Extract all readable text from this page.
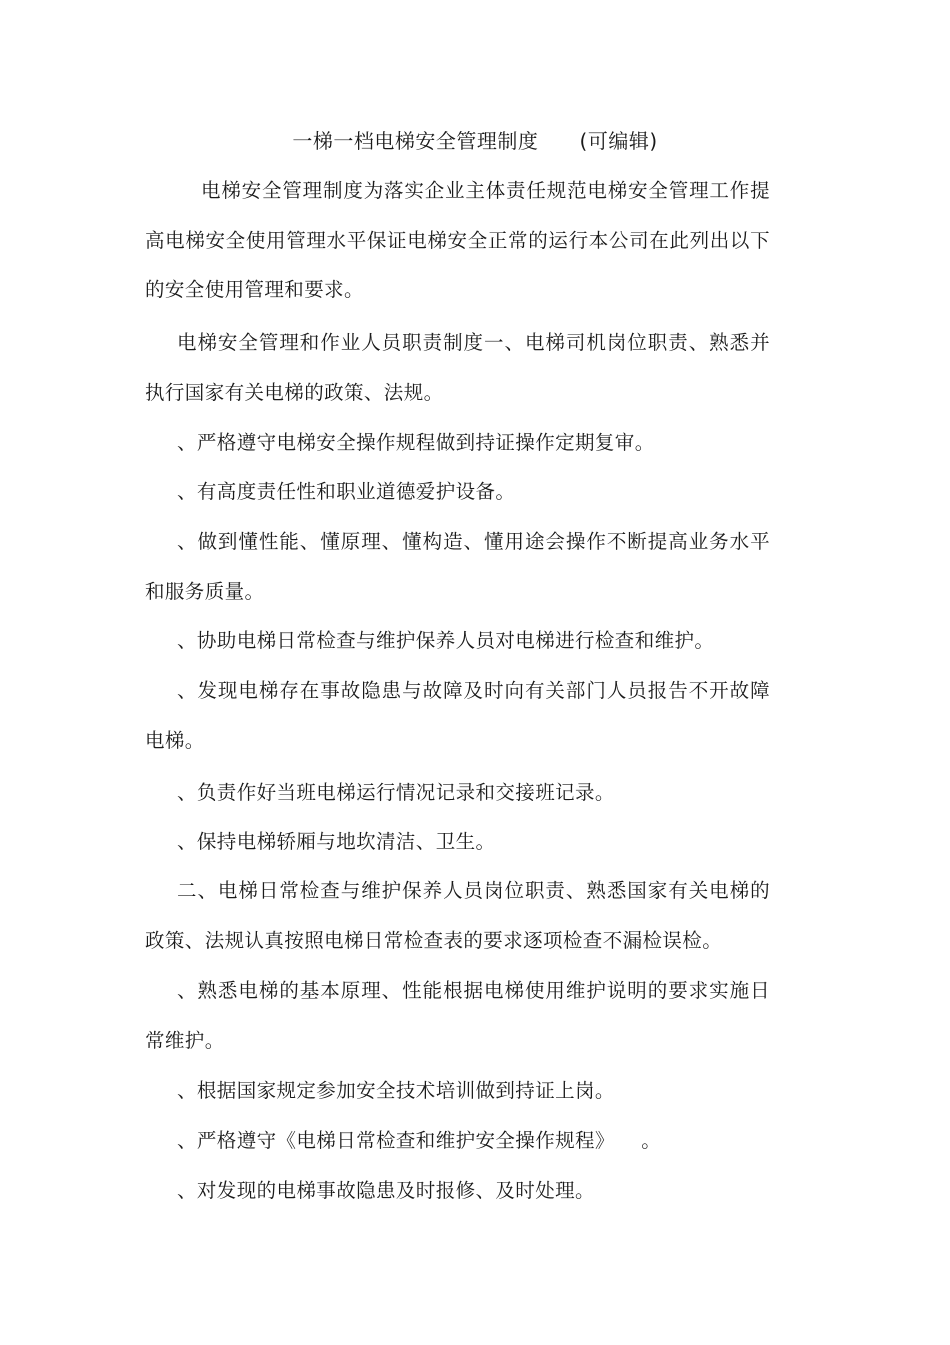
一梯一档电梯安全管理制度      (可编辑)

电梯安全管理制度为落实企业主体责任规范电梯安全管理工作提高电梯安全使用管理水平保证电梯安全正常的运行本公司在此列出以下的安全使用管理和要求。

电梯安全管理和作业人员职责制度一、电梯司机岗位职责、熟悉并执行国家有关电梯的政策、法规。

、严格遵守电梯安全操作规程做到持证操作定期复审。

、有高度责任性和职业道德爱护设备。

、做到懂性能、懂原理、懂构造、懂用途会操作不断提高业务水平和服务质量。

、协助电梯日常检查与维护保养人员对电梯进行检查和维护。

、发现电梯存在事故隐患与故障及时向有关部门人员报告不开故障电梯。

、负责作好当班电梯运行情况记录和交接班记录。

、保持电梯轿厢与地坎清洁、卫生。

二、电梯日常检查与维护保养人员岗位职责、熟悉国家有关电梯的政策、法规认真按照电梯日常检查表的要求逐项检查不漏检误检。

、熟悉电梯的基本原理、性能根据电梯使用维护说明的要求实施日常维护。

、根据国家规定参加安全技术培训做到持证上岗。

、严格遵守《电梯日常检查和维护安全操作规程》    。

、对发现的电梯事故隐患及时报修、及时处理。
